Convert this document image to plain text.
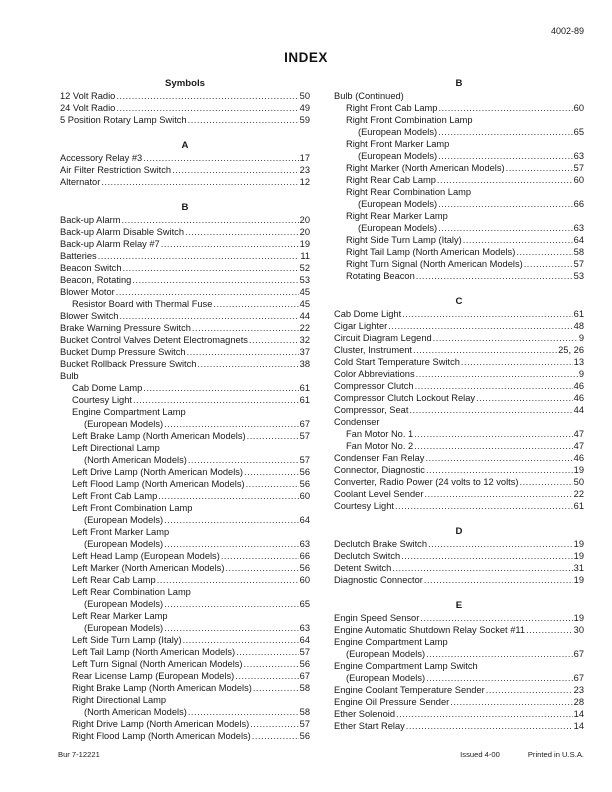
4002-89
INDEX
Symbols
12 Volt Radio .....	50
24 Volt Radio .....	49
5 Position Rotary Lamp Switch .....	59
A
Accessory Relay #3 .....	17
Air Filter Restriction Switch .....	23
Alternator .....	12
B
Back-up Alarm .....	20
Back-up Alarm Disable Switch .....	20
Back-up Alarm Relay #7 .....	19
Batteries .....	11
Beacon Switch .....	52
Beacon, Rotating .....	53
Blower Motor .....	45
Resistor Board with Thermal Fuse .....	45
Blower Switch .....	44
Brake Warning Pressure Switch .....	22
Bucket Control Valves Detent Electromagnets .....	32
Bucket Dump Pressure Switch .....	37
Bucket Rollback Pressure Switch .....	38
Bulb
Cab Dome Lamp .....	61
Courtesy Light .....	61
Engine Compartment Lamp
(European Models) .....	67
Left Brake Lamp (North American Models) .....	57
Left Directional Lamp
(North American Models) .....	57
Left Drive Lamp (North American Models) .....	56
Left Flood Lamp (North American Models) .....	56
Left Front Cab Lamp .....	60
Left Front Combination Lamp
(European Models) .....	64
Left Front Marker Lamp
(European Models) .....	63
Left Head Lamp (European Models) .....	66
Left Marker (North American Models) .....	56
Left Rear Cab Lamp .....	60
Left Rear Combination Lamp
(European Models) .....	65
Left Rear Marker Lamp
(European Models) .....	63
Left Side Turn Lamp (Italy) .....	64
Left Tail Lamp (North American Models) .....	57
Left Turn Signal (North American Models) .....	56
Rear License Lamp (European Models) .....	67
Right Brake Lamp (North American Models) .....	58
Right Directional Lamp
(North American Models) .....	58
Right Drive Lamp (North American Models) .....	57
Right Flood Lamp (North American Models) .....	56
B
Bulb (Continued)
Right Front Cab Lamp .....	60
Right Front Combination Lamp
(European Models) .....	65
Right Front Marker Lamp
(European Models) .....	63
Right Marker (North American Models) .....	57
Right Rear Cab Lamp .....	60
Right Rear Combination Lamp
(European Models) .....	66
Right Rear Marker Lamp
(European Models) .....	63
Right Side Turn Lamp (Italy) .....	64
Right Tail Lamp (North American Models) .....	58
Right Turn Signal (North American Models) .....	57
Rotating Beacon .....	53
C
Cab Dome Light .....	61
Cigar Lighter .....	48
Circuit Diagram Legend .....	9
Cluster, Instrument .....	25, 26
Cold Start Temperature Switch .....	13
Color Abbreviations .....	9
Compressor Clutch .....	46
Compressor Clutch Lockout Relay .....	46
Compressor, Seat .....	44
Condenser
Fan Motor No. 1 .....	47
Fan Motor No. 2 .....	47
Condenser Fan Relay .....	46
Connector, Diagnostic .....	19
Converter, Radio Power (24 volts to 12 volts) .....	50
Coolant Level Sender .....	22
Courtesy Light .....	61
D
Declutch Brake Switch .....	19
Declutch Switch .....	19
Detent Switch .....	31
Diagnostic Connector .....	19
E
Engin Speed Sensor .....	19
Engine Automatic Shutdown Relay Socket #11 .....	30
Engine Compartment Lamp
(European Models) .....	67
Engine Compartment Lamp Switch
(European Models) .....	67
Engine Coolant Temperature Sender .....	23
Engine Oil Pressure Sender .....	28
Ether Solenoid .....	14
Ether Start Relay .....	14
Bur 7-12221	Issued 4-00	Printed in U.S.A.
